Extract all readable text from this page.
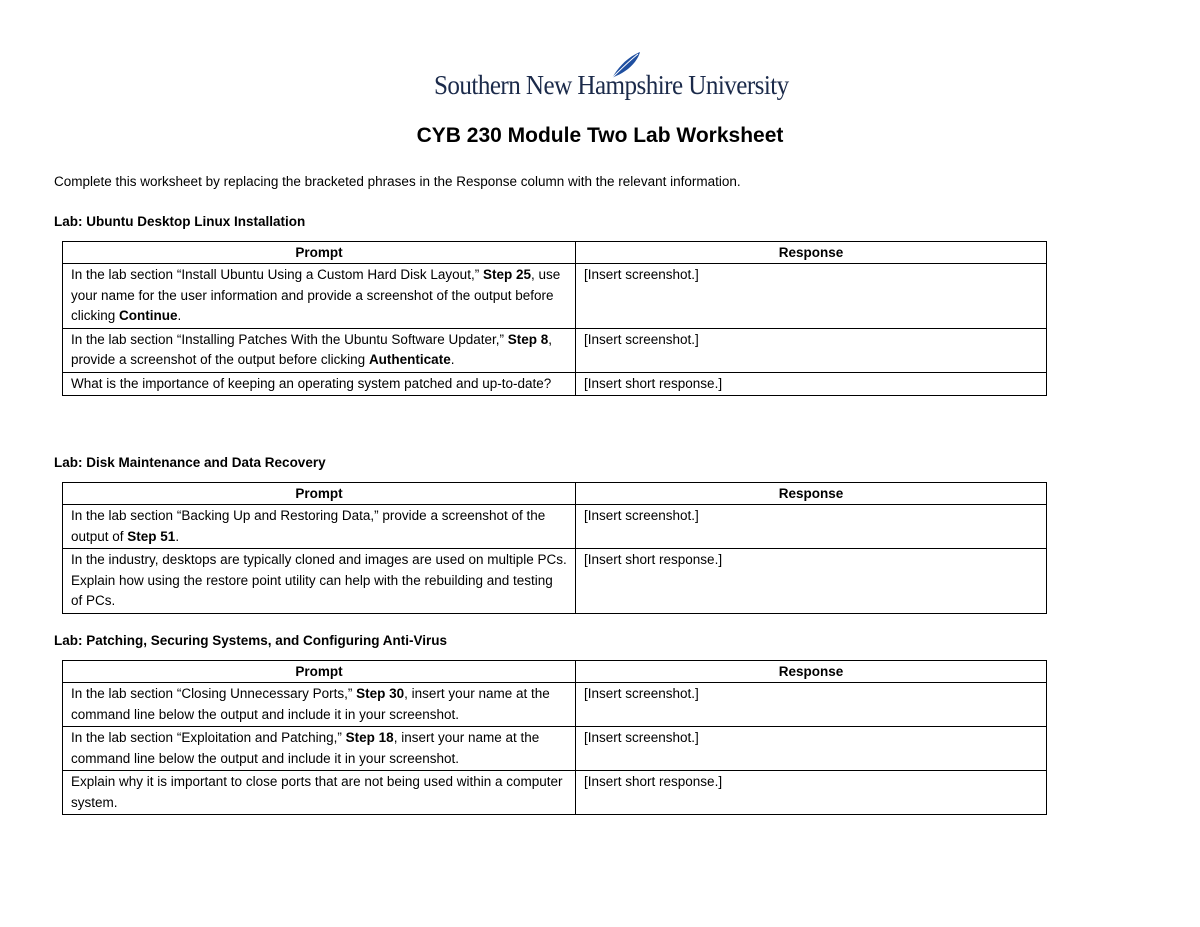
Southern New Hampshire University
CYB 230 Module Two Lab Worksheet
Complete this worksheet by replacing the bracketed phrases in the Response column with the relevant information.
Lab: Ubuntu Desktop Linux Installation
Prompt	Response
In the lab section “Install Ubuntu Using a Custom Hard Disk Layout,” Step 25, use your name for the user information and provide a screenshot of the output before clicking Continue.	[Insert screenshot.]
In the lab section “Installing Patches With the Ubuntu Software Updater,” Step 8, provide a screenshot of the output before clicking Authenticate.	[Insert screenshot.]
What is the importance of keeping an operating system patched and up-to-date?	[Insert short response.]
Lab: Disk Maintenance and Data Recovery
Prompt	Response
In the lab section “Backing Up and Restoring Data,” provide a screenshot of the output of Step 51.	[Insert screenshot.]
In the industry, desktops are typically cloned and images are used on multiple PCs. Explain how using the restore point utility can help with the rebuilding and testing of PCs.	[Insert short response.]
Lab: Patching, Securing Systems, and Configuring Anti-Virus
Prompt	Response
In the lab section “Closing Unnecessary Ports,” Step 30, insert your name at the command line below the output and include it in your screenshot.	[Insert screenshot.]
In the lab section “Exploitation and Patching,” Step 18, insert your name at the command line below the output and include it in your screenshot.	[Insert screenshot.]
Explain why it is important to close ports that are not being used within a computer system.	[Insert short response.]
